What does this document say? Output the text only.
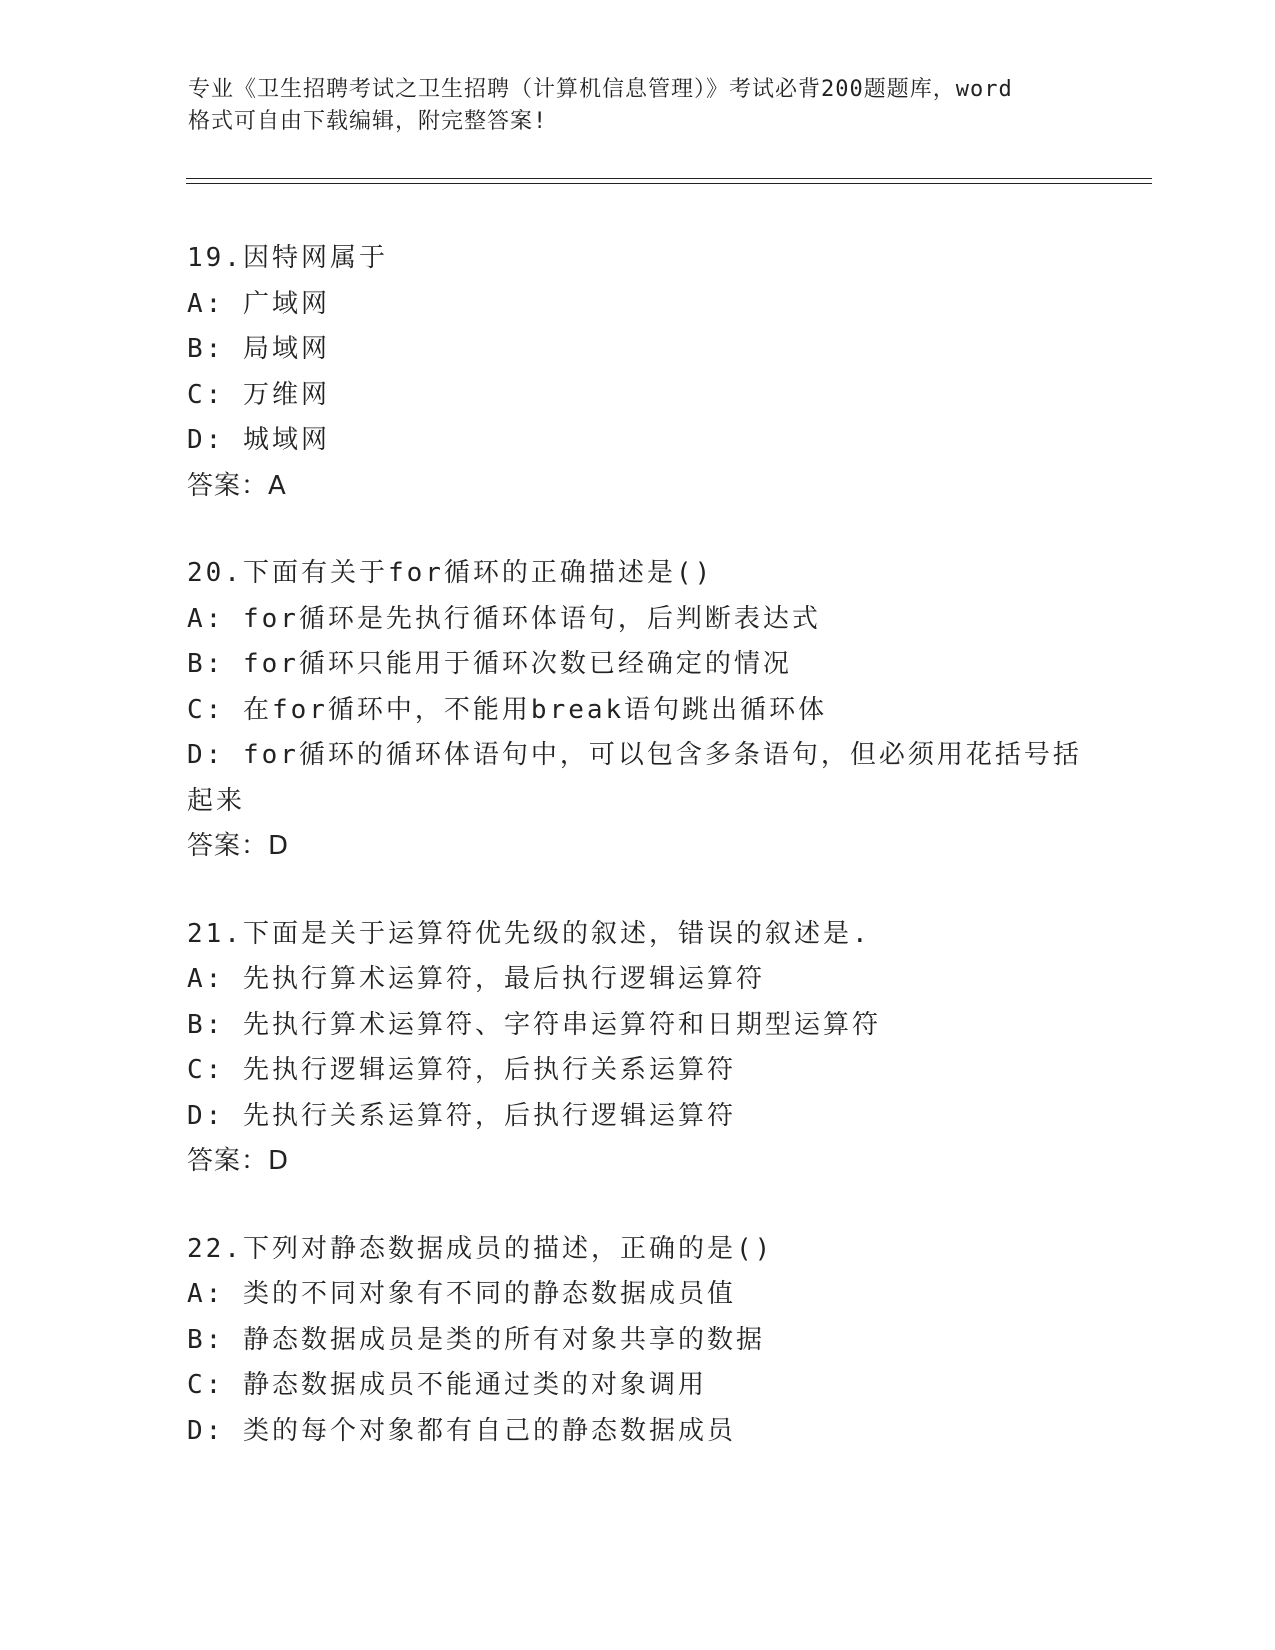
专业《卫生招聘考试之卫生招聘（计算机信息管理）》考试必背200题题库，word
格式可自由下载编辑，附完整答案!
19.因特网属于
A: 广域网
B: 局域网
C: 万维网
D: 城域网
答案：A
20.下面有关于for循环的正确描述是()
A: for循环是先执行循环体语句，后判断表达式
B: for循环只能用于循环次数已经确定的情况
C: 在for循环中，不能用break语句跳出循环体
D: for循环的循环体语句中，可以包含多条语句，但必须用花括号括
起来
答案：D
21.下面是关于运算符优先级的叙述，错误的叙述是.
A: 先执行算术运算符，最后执行逻辑运算符
B: 先执行算术运算符、字符串运算符和日期型运算符
C: 先执行逻辑运算符，后执行关系运算符
D: 先执行关系运算符，后执行逻辑运算符
答案：D
22.下列对静态数据成员的描述，正确的是()
A: 类的不同对象有不同的静态数据成员值
B: 静态数据成员是类的所有对象共享的数据
C: 静态数据成员不能通过类的对象调用
D: 类的每个对象都有自己的静态数据成员
